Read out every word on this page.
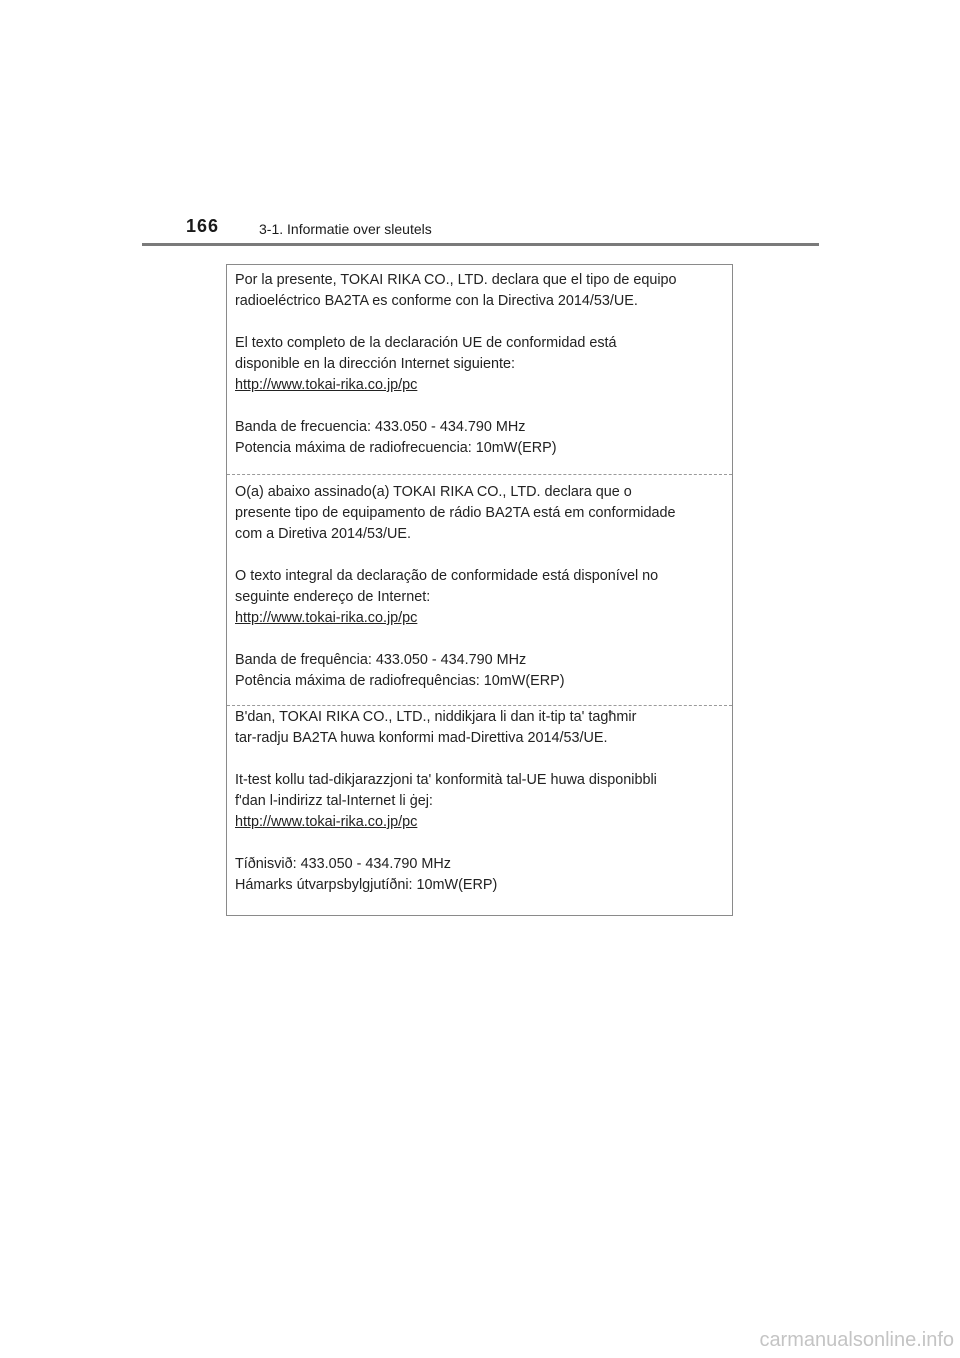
166	3-1. Informatie over sleutels

Por la presente, TOKAI RIKA CO., LTD. declara que el tipo de equipo

radioeléctrico BA2TA es conforme con la Directiva 2014/53/UE.

El texto completo de la declaración UE de conformidad está

disponible en la dirección Internet siguiente:

http://www.tokai-rika.co.jp/pc

Banda de frecuencia: 433.050 - 434.790 MHz

Potencia máxima de radiofrecuencia: 10mW(ERP)

O(a) abaixo assinado(a) TOKAI RIKA CO., LTD. declara que o

presente tipo de equipamento de rádio BA2TA está em conformidade

com a Diretiva 2014/53/UE.

O texto integral da declaração de conformidade está disponível no

seguinte endereço de Internet:

http://www.tokai-rika.co.jp/pc

Banda de frequência: 433.050 - 434.790 MHz

Potência máxima de radiofrequências: 10mW(ERP)

B'dan, TOKAI RIKA CO., LTD., niddikjara li dan it-tip ta' tagħmir

tar-radju BA2TA huwa konformi mad-Direttiva 2014/53/UE.

It-test kollu tad-dikjarazzjoni ta' konformità tal-UE huwa disponibbli

f'dan l-indirizz tal-Internet li ġej:

http://www.tokai-rika.co.jp/pc

Tíðnisvið: 433.050 - 434.790 MHz

Hámarks útvarpsbylgjutíðni: 10mW(ERP)

carmanualsonline.info
